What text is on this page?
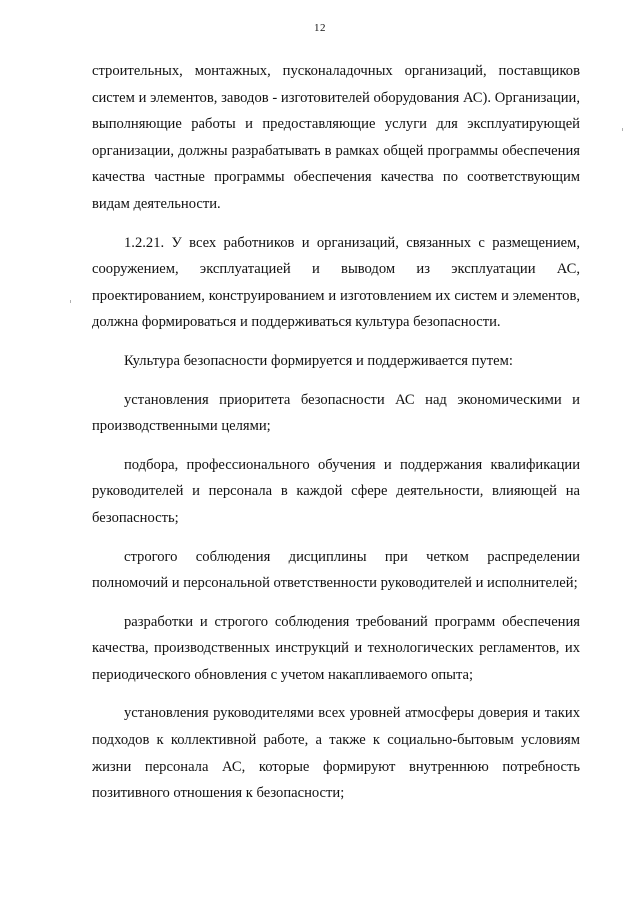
12

строительных, монтажных, пусконаладочных организаций, поставщиков систем и элементов, заводов - изготовителей оборудования АС). Организации, выполняющие работы и предоставляющие услуги для эксплуатирующей организации, должны разрабатывать в рамках общей программы обеспечения качества частные программы обеспечения качества по соответствующим видам деятельности.

1.2.21. У всех работников и организаций, связанных с размещением, сооружением, эксплуатацией и выводом из эксплуатации АС, проектированием, конструированием и изготовлением их систем и элементов, должна формироваться и поддерживаться культура безопасности.

Культура безопасности формируется и поддерживается путем:

установления приоритета безопасности АС над экономическими и производственными целями;

подбора, профессионального обучения и поддержания квалификации руководителей и персонала в каждой сфере деятельности, влияющей на безопасность;

строгого соблюдения дисциплины при четком распределении полномочий и персональной ответственности руководителей и исполнителей;

разработки и строгого соблюдения требований программ обеспечения качества, производственных инструкций и технологических регламентов, их периодического обновления с учетом накапливаемого опыта;

установления руководителями всех уровней атмосферы доверия и таких подходов к коллективной работе, а также к социально-бытовым условиям жизни персонала АС, которые формируют внутреннюю потребность позитивного отношения к безопасности;
